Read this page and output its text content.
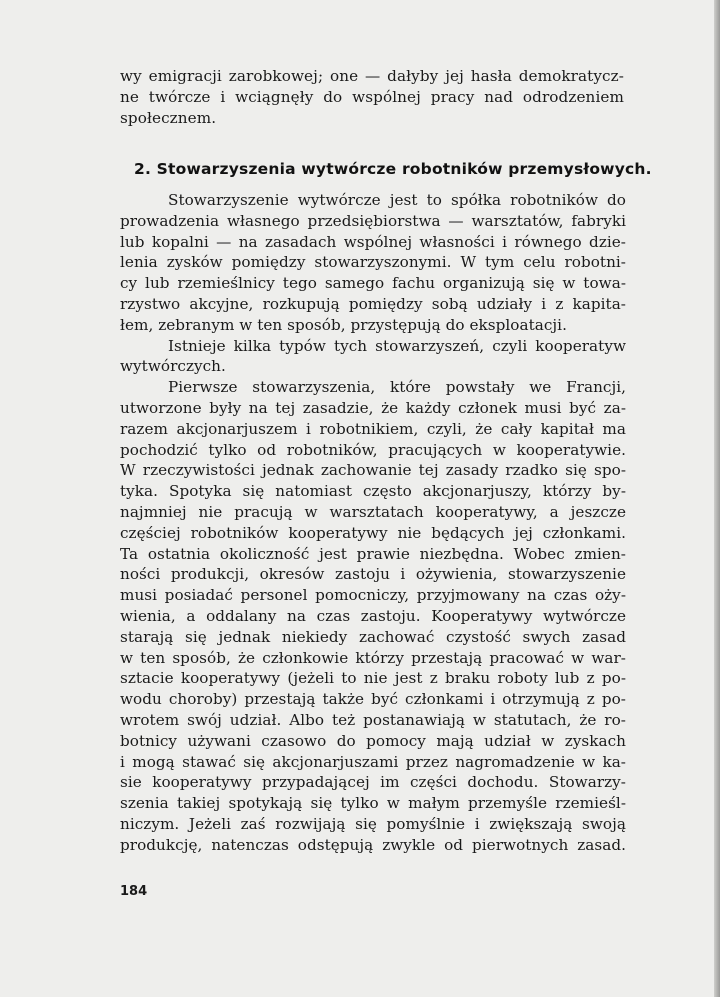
wy emigracji zarobkowej; one — dałyby jej hasła demokratycz-
ne twórcze i wciągnęły do wspólnej pracy nad odrodzeniem
społecznem.
2. Stowarzyszenia wytwórcze robotników przemysłowych.
Stowarzyszenie wytwórcze jest to spółka robotników do
prowadzenia własnego przedsiębiorstwa — warsztatów, fabryki
lub kopalni — na zasadach wspólnej własności i równego dzie-
lenia zysków pomiędzy stowarzyszonymi. W tym celu robotni-
cy lub rzemieślnicy tego samego fachu organizują się w towa-
rzystwo akcyjne, rozkupują pomiędzy sobą udziały i z kapita-
łem, zebranym w ten sposób, przystępują do eksploatacji.
Istnieje kilka typów tych stowarzyszeń, czyli kooperatyw
wytwórczych.
Pierwsze stowarzyszenia, które powstały we Francji,
utworzone były na tej zasadzie, że każdy członek musi być za-
razem akcjonarjuszem i robotnikiem, czyli, że cały kapitał ma
pochodzić tylko od robotników, pracujących w kooperatywie.
W rzeczywistości jednak zachowanie tej zasady rzadko się spo-
tyka. Spotyka się natomiast często akcjonarjuszy, którzy by-
najmniej nie pracują w warsztatach kooperatywy, a jeszcze
częściej robotników kooperatywy nie będących jej członkami.
Ta ostatnia okoliczność jest prawie niezbędna. Wobec zmien-
ności produkcji, okresów zastoju i ożywienia, stowarzyszenie
musi posiadać personel pomocniczy, przyjmowany na czas oży-
wienia, a oddalany na czas zastoju. Kooperatywy wytwórcze
starają się jednak niekiedy zachować czystość swych zasad
w ten sposób, że członkowie którzy przestają pracować w war-
sztacie kooperatywy (jeżeli to nie jest z braku roboty lub z po-
wodu choroby) przestają także być członkami i otrzymują z po-
wrotem swój udział. Albo też postanawiają w statutach, że ro-
botnicy używani czasowo do pomocy mają udział w zyskach
i mogą stawać się akcjonarjuszami przez nagromadzenie w ka-
sie kooperatywy przypadającej im części dochodu. Stowarzy-
szenia takiej spotykają się tylko w małym przemyśle rzemieśl-
niczym. Jeżeli zaś rozwijają się pomyślnie i zwiększają swoją
produkcję, natenczas odstępują zwykle od pierwotnych zasad.
184
